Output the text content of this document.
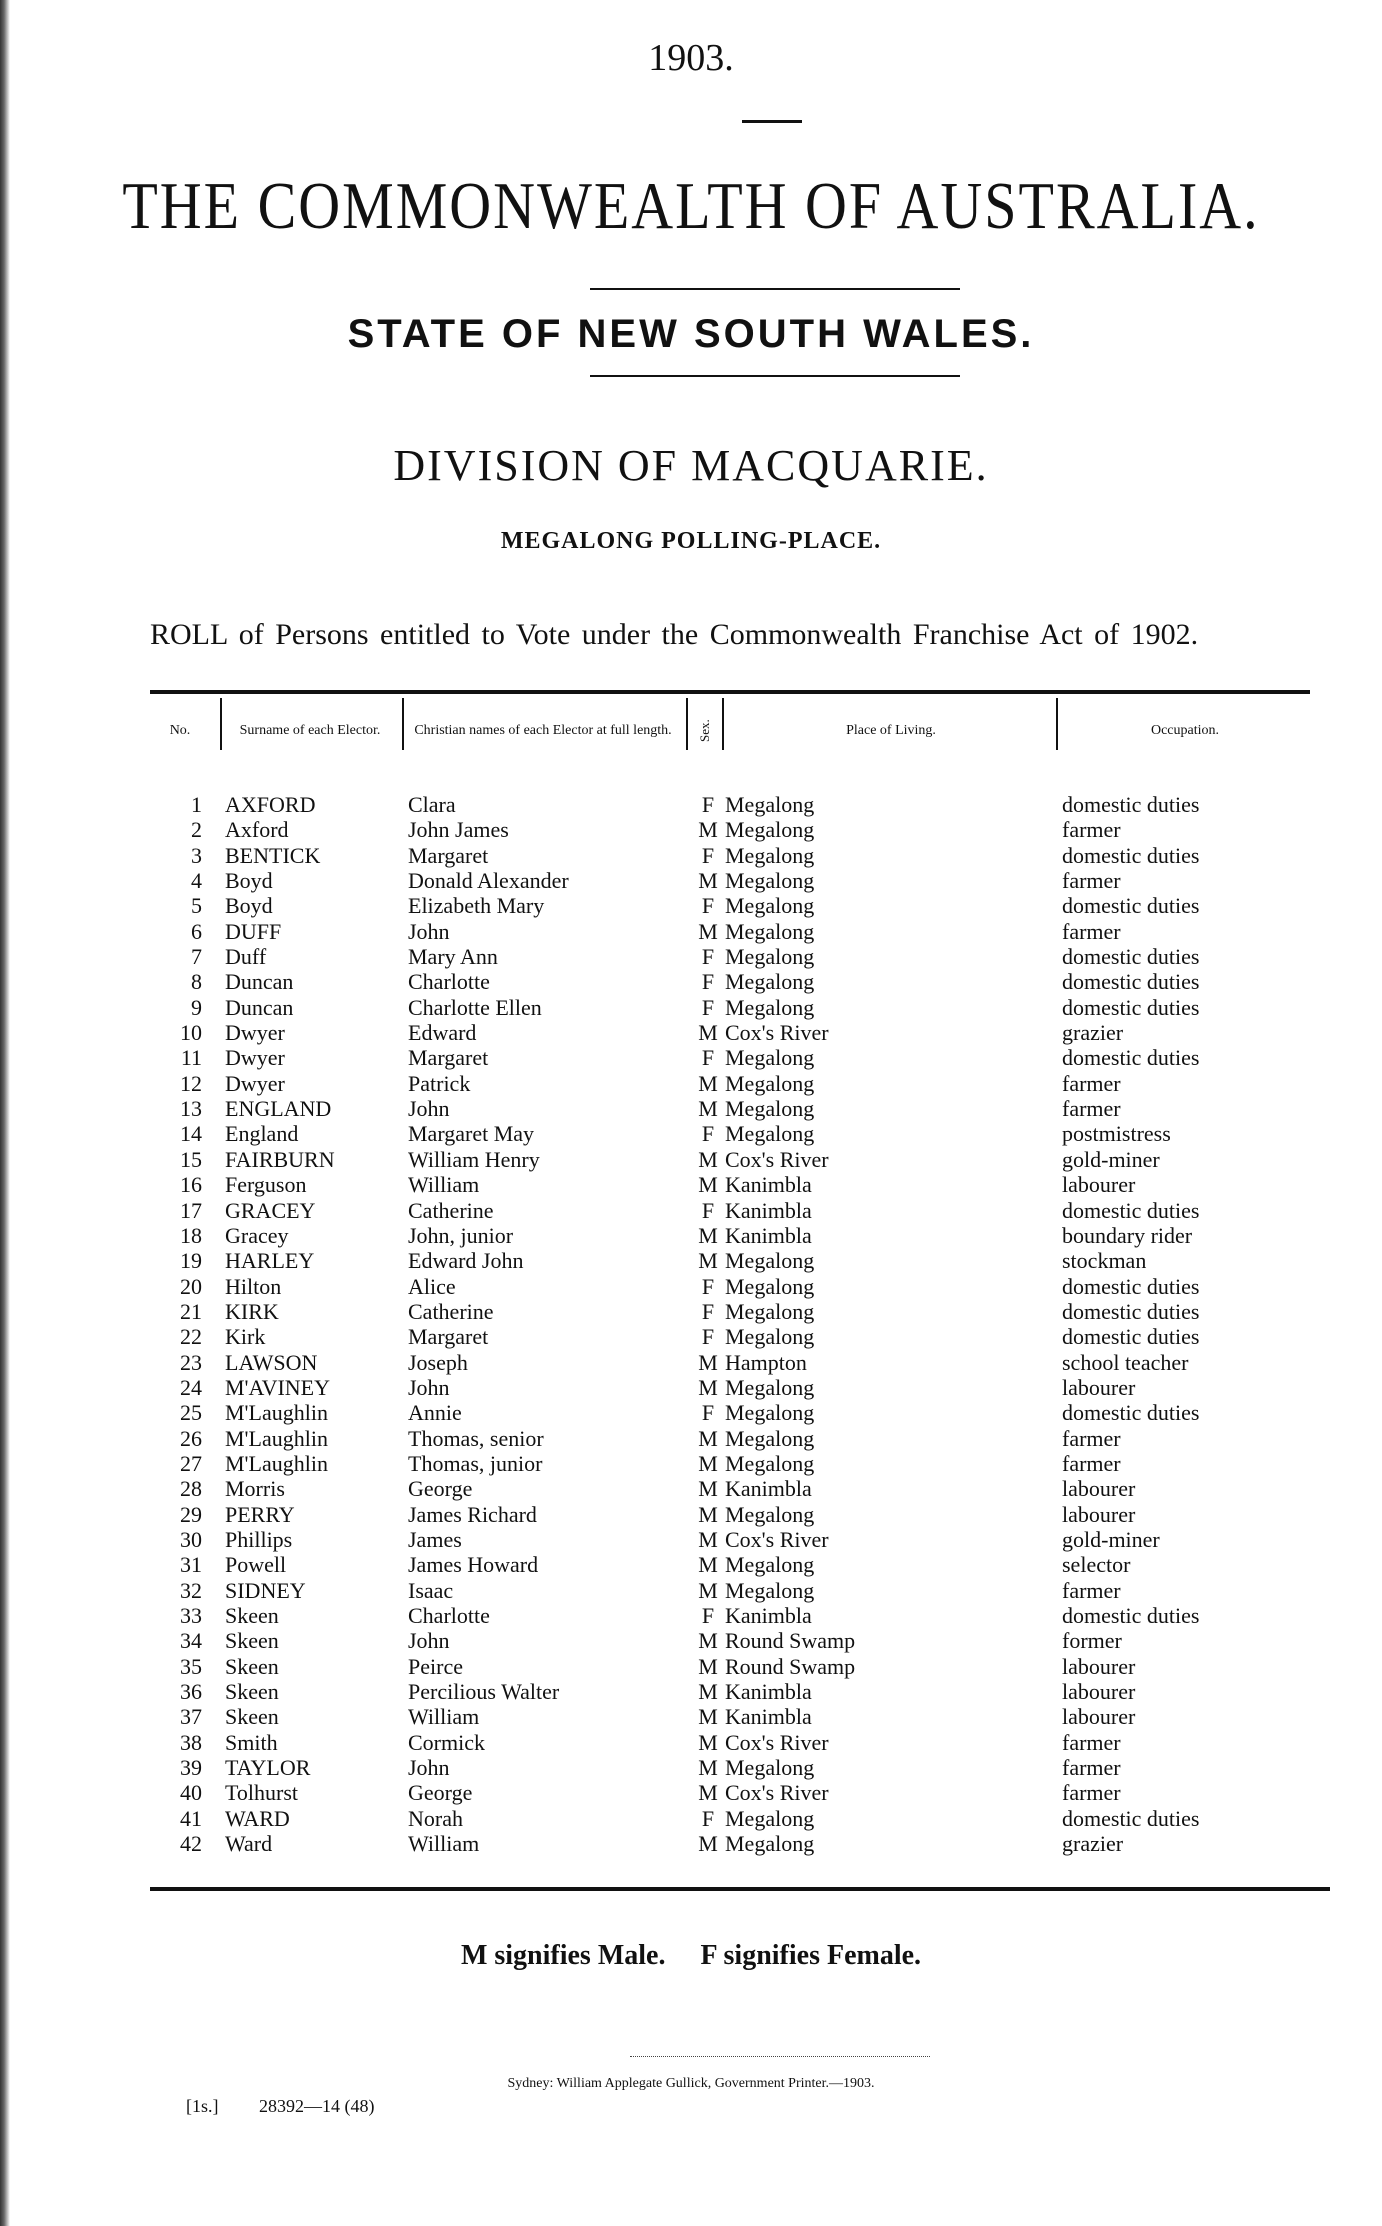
1903.
THE COMMONWEALTH OF AUSTRALIA.
STATE OF NEW SOUTH WALES.
DIVISION OF MACQUARIE.
MEGALONG POLLING-PLACE.
ROLL of Persons entitled to Vote under the Commonwealth Franchise Act of 1902.
No.	Surname of each Elector.	Christian names of each Elector at full length.	Sex.	Place of Living.	Occupation.
1 AXFORD	Clara	F Megalong	domestic duties
2 Axford	John James	M Megalong	farmer
3 BENTICK	Margaret	F Megalong	domestic duties
4 Boyd	Donald Alexander	M Megalong	farmer
5 Boyd	Elizabeth Mary	F Megalong	domestic duties
6 DUFF	John	M Megalong	farmer
7 Duff	Mary Ann	F Megalong	domestic duties
8 Duncan	Charlotte	F Megalong	domestic duties
9 Duncan	Charlotte Ellen	F Megalong	domestic duties
10 Dwyer	Edward	M Cox's River	grazier
11 Dwyer	Margaret	F Megalong	domestic duties
12 Dwyer	Patrick	M Megalong	farmer
13 ENGLAND	John	M Megalong	farmer
14 England	Margaret May	F Megalong	postmistress
15 FAIRBURN	William Henry	M Cox's River	gold-miner
16 Ferguson	William	M Kanimbla	labourer
17 GRACEY	Catherine	F Kanimbla	domestic duties
18 Gracey	John, junior	M Kanimbla	boundary rider
19 HARLEY	Edward John	M Megalong	stockman
20 Hilton	Alice	F Megalong	domestic duties
21 KIRK	Catherine	F Megalong	domestic duties
22 Kirk	Margaret	F Megalong	domestic duties
23 LAWSON	Joseph	M Hampton	school teacher
24 M'AVINEY	John	M Megalong	labourer
25 M'Laughlin	Annie	F Megalong	domestic duties
26 M'Laughlin	Thomas, senior	M Megalong	farmer
27 M'Laughlin	Thomas, junior	M Megalong	farmer
28 Morris	George	M Kanimbla	labourer
29 PERRY	James Richard	M Megalong	labourer
30 Phillips	James	M Cox's River	gold-miner
31 Powell	James Howard	M Megalong	selector
32 SIDNEY	Isaac	M Megalong	farmer
33 Skeen	Charlotte	F Kanimbla	domestic duties
34 Skeen	John	M Round Swamp	former
35 Skeen	Peirce	M Round Swamp	labourer
36 Skeen	Percilious Walter	M Kanimbla	labourer
37 Skeen	William	M Kanimbla	labourer
38 Smith	Cormick	M Cox's River	farmer
39 TAYLOR	John	M Megalong	farmer
40 Tolhurst	George	M Cox's River	farmer
41 WARD	Norah	F Megalong	domestic duties
42 Ward	William	M Megalong	grazier
M signifies Male. F signifies Female.
Sydney: William Applegate Gullick, Government Printer.—1903.
[1s.] 28392—14 (48)
